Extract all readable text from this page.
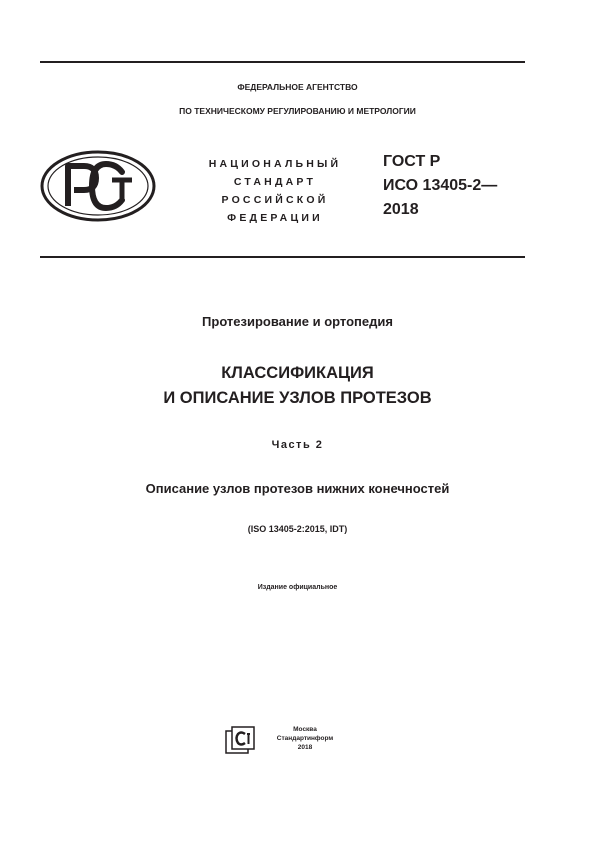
ФЕДЕРАЛЬНОЕ АГЕНТСТВО
ПО ТЕХНИЧЕСКОМУ РЕГУЛИРОВАНИЮ И МЕТРОЛОГИИ
НАЦИОНАЛЬНЫЙ
СТАНДАРТ
РОССИЙСКОЙ
ФЕДЕРАЦИИ
ГОСТ Р
ИСО 13405-2—
2018
Протезирование и ортопедия
КЛАССИФИКАЦИЯ
И ОПИСАНИЕ УЗЛОВ ПРОТЕЗОВ
Часть 2
Описание узлов протезов нижних конечностей
(ISO 13405-2:2015, IDT)
Издание официальное
Москва
Стандартинформ
2018
